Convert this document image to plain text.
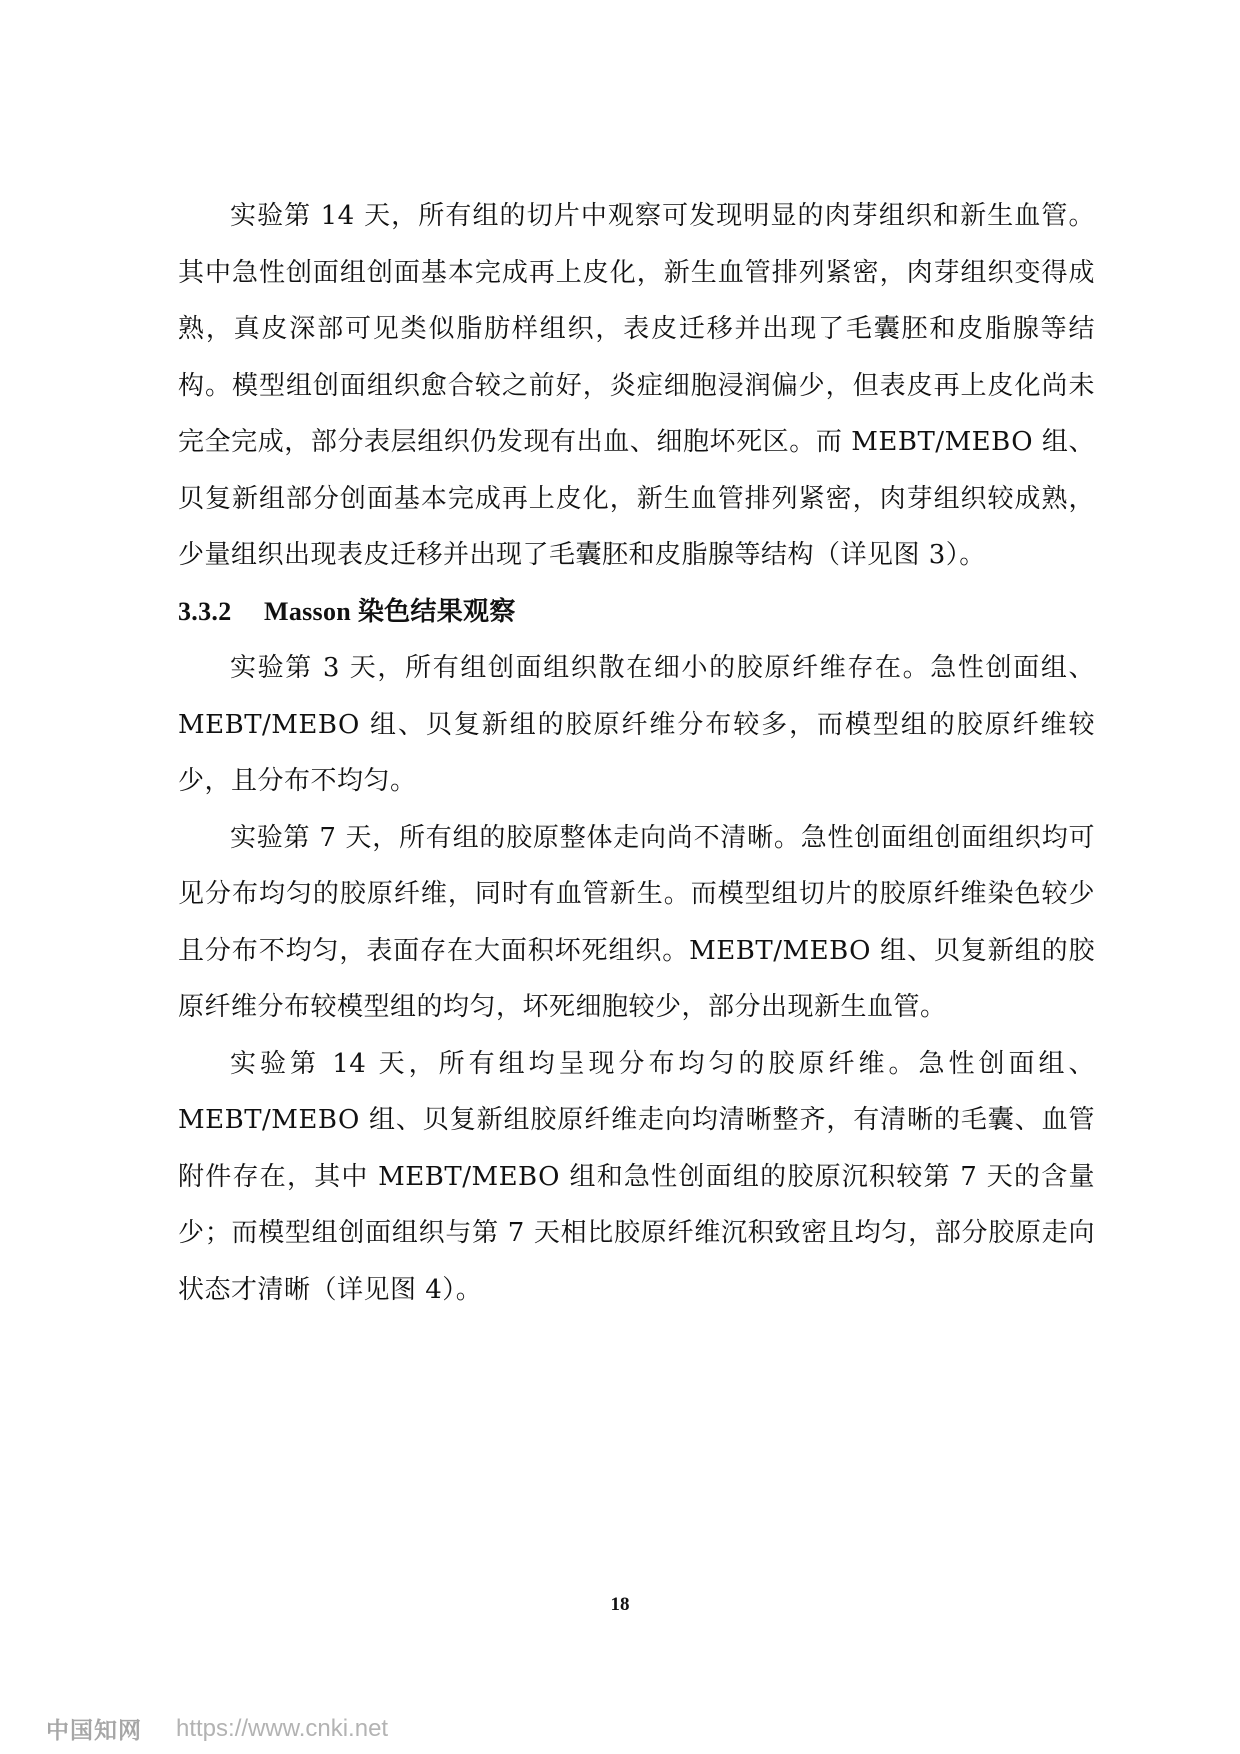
实验第 14 天，所有组的切片中观察可发现明显的肉芽组织和新生血管。其中急性创面组创面基本完成再上皮化，新生血管排列紧密，肉芽组织变得成熟，真皮深部可见类似脂肪样组织，表皮迁移并出现了毛囊胚和皮脂腺等结构。模型组创面组织愈合较之前好，炎症细胞浸润偏少，但表皮再上皮化尚未完全完成，部分表层组织仍发现有出血、细胞坏死区。而 MEBT/MEBO 组、贝复新组部分创面基本完成再上皮化，新生血管排列紧密，肉芽组织较成熟，少量组织出现表皮迁移并出现了毛囊胚和皮脂腺等结构（详见图 3）。

3.3.2 Masson 染色结果观察

实验第 3 天，所有组创面组织散在细小的胶原纤维存在。急性创面组、MEBT/MEBO 组、贝复新组的胶原纤维分布较多，而模型组的胶原纤维较少，且分布不均匀。

实验第 7 天，所有组的胶原整体走向尚不清晰。急性创面组创面组织均可见分布均匀的胶原纤维，同时有血管新生。而模型组切片的胶原纤维染色较少且分布不均匀，表面存在大面积坏死组织。MEBT/MEBO 组、贝复新组的胶原纤维分布较模型组的均匀，坏死细胞较少，部分出现新生血管。

实验第 14 天，所有组均呈现分布均匀的胶原纤维。急性创面组、MEBT/MEBO 组、贝复新组胶原纤维走向均清晰整齐，有清晰的毛囊、血管附件存在，其中 MEBT/MEBO 组和急性创面组的胶原沉积较第 7 天的含量少；而模型组创面组织与第 7 天相比胶原纤维沉积致密且均匀，部分胶原走向状态才清晰（详见图 4）。

18
中国知网 https://www.cnki.net
